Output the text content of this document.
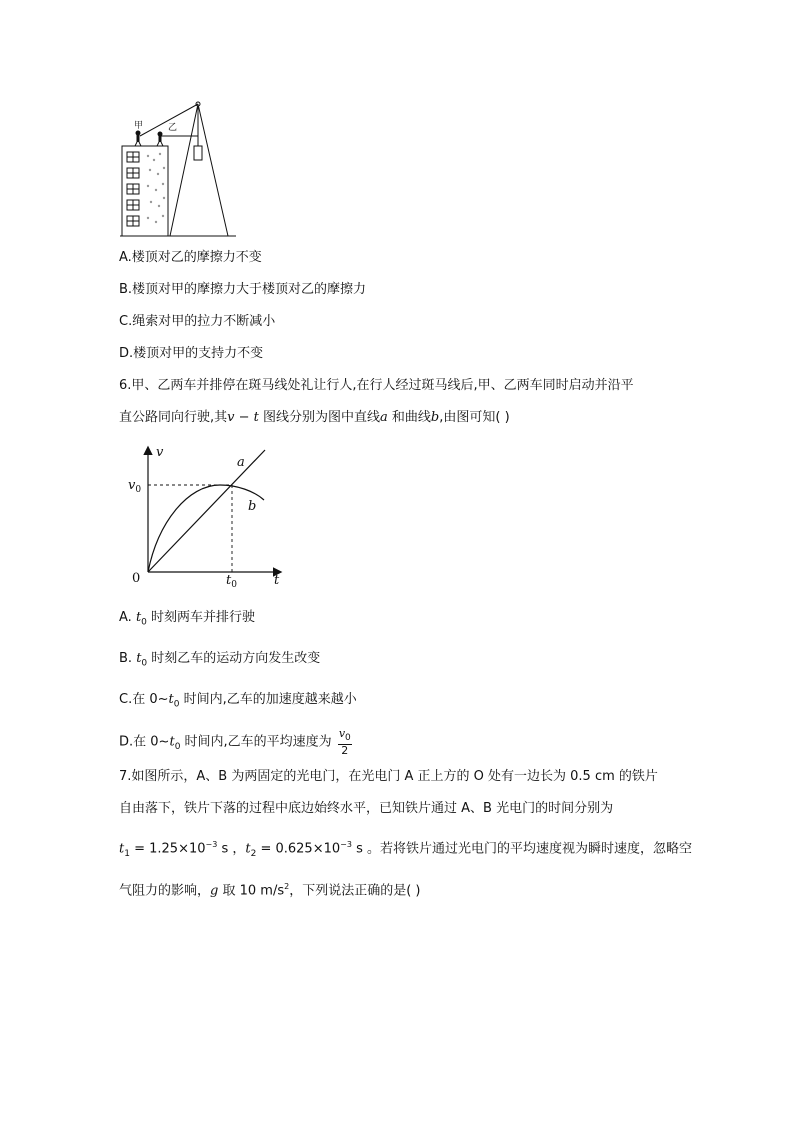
甲	乙
A.楼顶对乙的摩擦力不变
B.楼顶对甲的摩擦力大于楼顶对乙的摩擦力
C.绳索对甲的拉力不断减小
D.楼顶对甲的支持力不变
6.甲、乙两车并排停在斑马线处礼让行人,在行人经过斑马线后,甲、乙两车同时启动并沿平
直公路同向行驶,其v − t 图线分别为图中直线a 和曲线b,由图可知( )
v
t
0
$v_0$
$t_0$
a
b
A. $t_0$ 时刻两车并排行驶
B. $t_0$ 时刻乙车的运动方向发生改变
C.在 $0\sim t_0$ 时间内,乙车的加速度越来越小
D.在 $0\sim t_0$ 时间内,乙车的平均速度为 $\frac{v_0}{2}$
7.如图所示，A、B 为两固定的光电门，在光电门 A 正上方的 O 处有一边长为 0.5 cm 的铁片
自由落下，铁片下落的过程中底边始终水平，已知铁片通过 A、B 光电门的时间分别为
$t_1 = 1.25\times 10^{-3}$ s ，$t_2 = 0.625\times 10^{-3}$ s 。若将铁片通过光电门的平均速度视为瞬时速度，忽略空
气阻力的影响，g 取 10 $m/s^2$，下列说法正确的是( )
